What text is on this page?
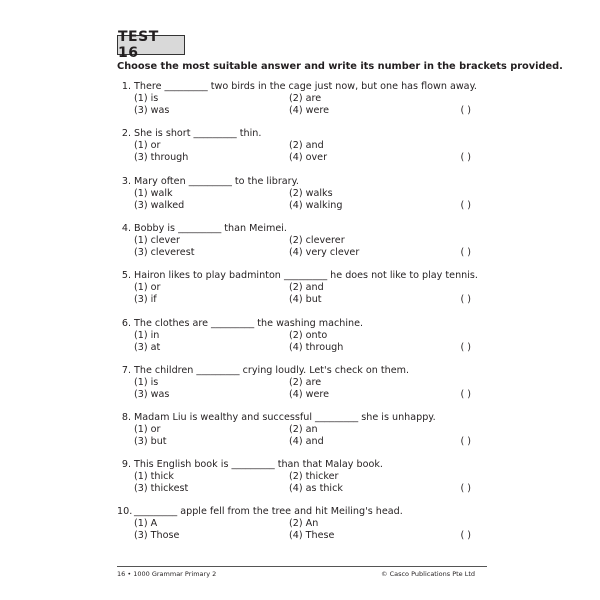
TEST 16
Choose the most suitable answer and write its number in the brackets provided.
1. There _________ two birds in the cage just now, but one has flown away.
(1) is	(2) are
(3) was	(4) were	( )
2. She is short _________ thin.
(1) or	(2) and
(3) through	(4) over	( )
3. Mary often _________ to the library.
(1) walk	(2) walks
(3) walked	(4) walking	( )
4. Bobby is _________ than Meimei.
(1) clever	(2) cleverer
(3) cleverest	(4) very clever	( )
5. Hairon likes to play badminton _________ he does not like to play tennis.
(1) or	(2) and
(3) if	(4) but	( )
6. The clothes are _________ the washing machine.
(1) in	(2) onto
(3) at	(4) through	( )
7. The children _________ crying loudly. Let's check on them.
(1) is	(2) are
(3) was	(4) were	( )
8. Madam Liu is wealthy and successful _________ she is unhappy.
(1) or	(2) an
(3) but	(4) and	( )
9. This English book is _________ than that Malay book.
(1) thick	(2) thicker
(3) thickest	(4) as thick	( )
10. _________ apple fell from the tree and hit Meiling's head.
(1) A	(2) An
(3) Those	(4) These	( )
16 • 1000 Grammar Primary 2	© Casco Publications Pte Ltd
